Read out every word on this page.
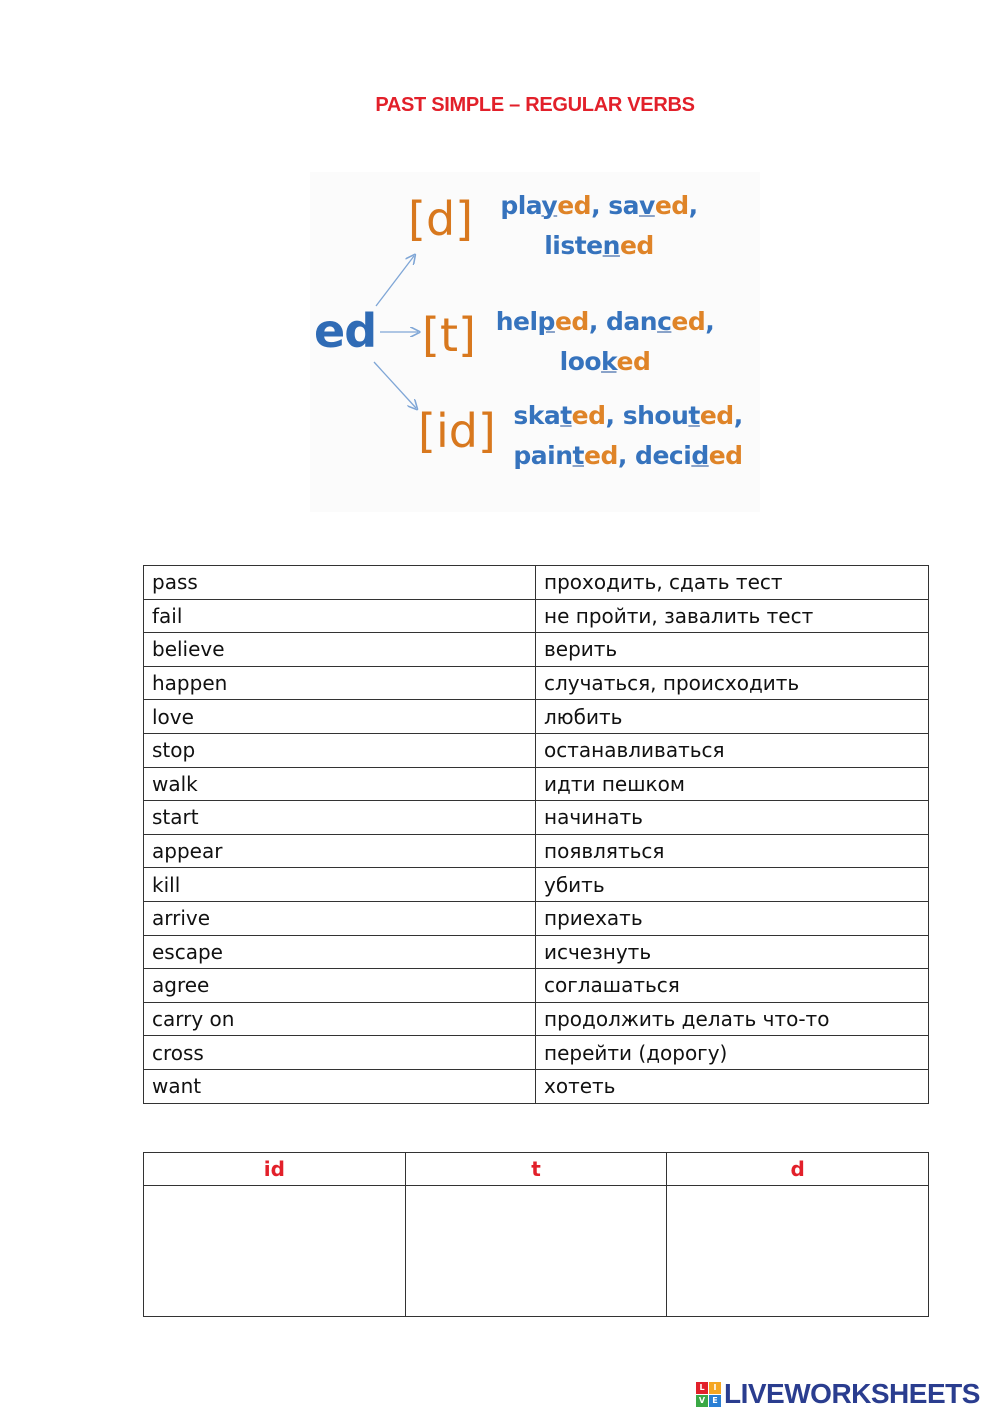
PAST SIMPLE – REGULAR VERBS
ed
[d]	played, saved,
listened
[t] helped, danced,
looked
[id] skated, shouted,
painted, decided
pass	проходить, сдать тест
fail	не пройти, завалить тест
believe	верить
happen	случаться, происходить
love	любить
stop	останавливаться
walk	идти пешком
start	начинать
appear	появляться
kill	убить
arrive	приехать
escape	исчезнуть
agree	соглашаться
carry on	продолжить делать что-то
cross	перейти (дорогу)
want	хотеть
id	t	d

L	I
V E LIVEWORKSHEETS
